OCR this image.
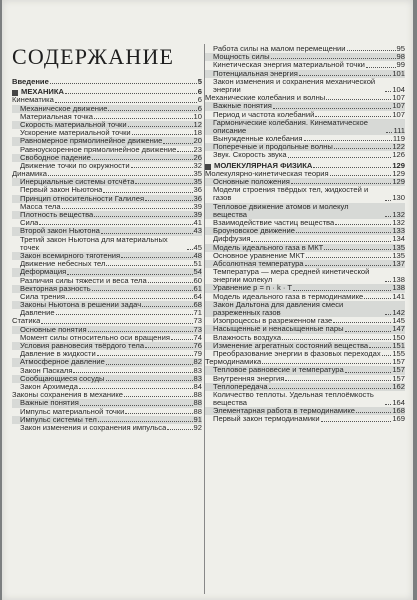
СОДЕРЖАНИЕ
Введение	5
МЕХАНИКА	6
Кинематика	6
Механическое движение	6
Материальная точка	10
Скорость материальной точки	12
Ускорение материальной точки	18
Равномерное прямолинейное движение	20
Равноускоренное прямолинейное движение 23
Свободное падение	26
Движение точки по окружности	32
Динамика	35
Инерциальные системы отсчёта	35
Первый закон Ньютона	36
Принцип относительности Галилея	36
Масса тела	39
Плотность вещества	39
Сила	41
Второй закон Ньютона	43
Третий закон Ньютона для материальных точек	45
Закон всемирного тяготения	48
Движение небесных тел	51
Деформация	54
Различия силы тяжести и веса тела	60
Векторная разность	61
Сила трения	64
Законы Ньютона в решении задач	68
Давление	71
Статика	73
Основные понятия	73
Момент силы относительно оси вращения	74
Условия равновесия твёрдого тела	76
Давление в жидкости	79
Атмосферное давление	82
Закон Паскаля	83
Сообщающиеся сосуды	83
Закон Архимеда	84
Законы сохранения в механике	88
Важные понятия	88
Импульс материальной точки	88
Импульс системы тел	91
Закон изменения и сохранения импульса	92
Работа силы на малом перемещении	95
Мощность силы	98
Кинетическая энергия материальной точки	99
Потенциальная энергия	101
Закон изменения и сохранения механической энергии	104
Механические колебания и волны	107
Важные понятия	107
Период и частота колебаний	107
Гармонические колебания. Кинематическое описание	111
Вынужденные колебания	119
Поперечные и продольные волны	122
Звук. Скорость звука	126
МОЛЕКУЛЯРНАЯ ФИЗИКА	129
Молекулярно-кинетическая теория	129
Основные положения	129
Модели строения твёрдых тел, жидкостей и газов	130
Тепловое движение атомов и молекул вещества	132
Взаимодействие частиц вещества	132
Броуновское движение	133
Диффузия	134
Модель идеального газа в МКТ	135
Основное уравнение МКТ	135
Абсолютная температура	137
Температура — мера средней кинетической энергии молекул	138
Уравнение p = n · k · T	138
Модель идеального газа в термодинамике	141
Закон Дальтона для давления смеси разреженных газов	142
Изопроцессы в разреженном газе	145
Насыщенные и ненасыщенные пары	147
Влажность воздуха	150
Изменение агрегатных состояний вещества	151
Преобразование энергии в фазовых переходах 155
Термодинамика	157
Тепловое равновесие и температура	157
Внутренняя энергия	157
Теплопередача	162
Количество теплоты. Удельная теплоёмкость вещества	164
Элементарная работа в термодинамике	168
Первый закон термодинамики	169
